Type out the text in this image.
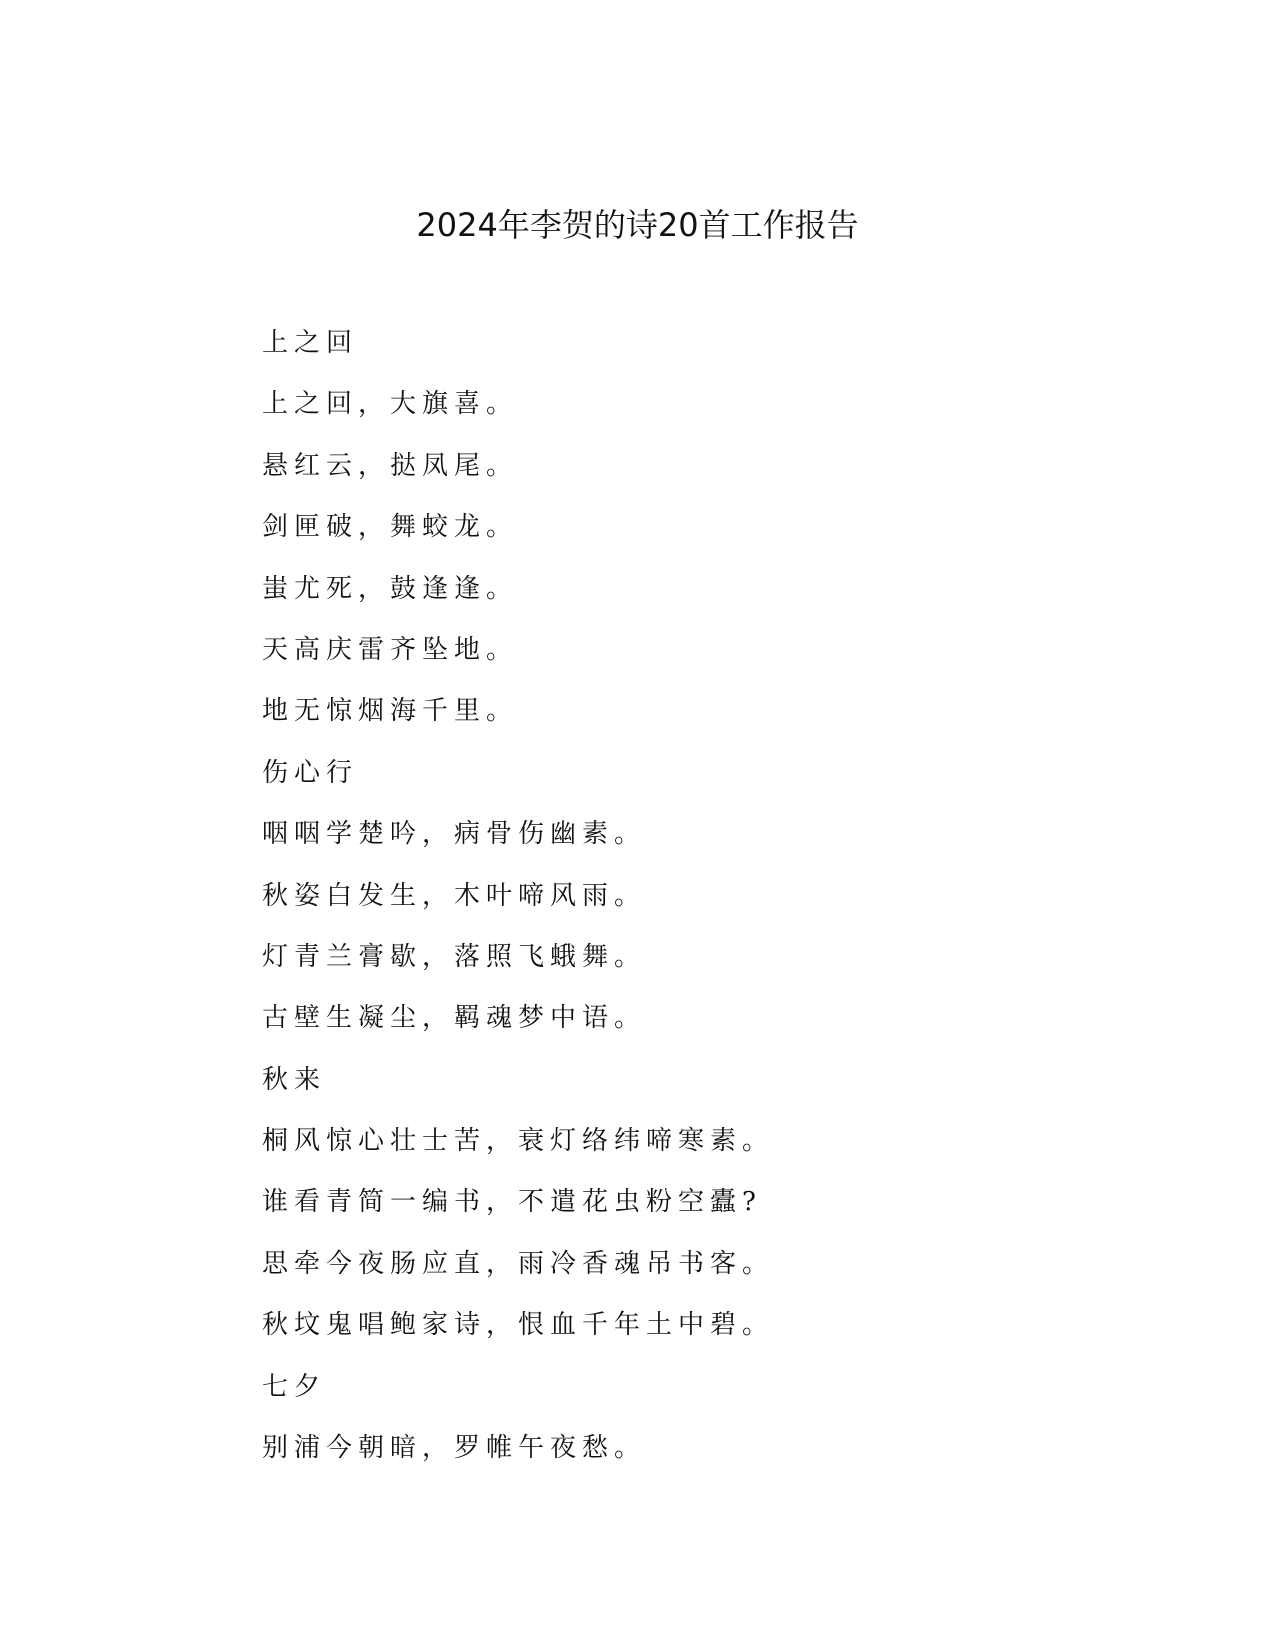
2024年李贺的诗20首工作报告
上之回
上之回，大旗喜。
悬红云，挞凤尾。
剑匣破，舞蛟龙。
蚩尤死，鼓逢逢。
天高庆雷齐坠地。
地无惊烟海千里。
伤心行
咽咽学楚吟，病骨伤幽素。
秋姿白发生，木叶啼风雨。
灯青兰膏歇，落照飞蛾舞。
古壁生凝尘，羁魂梦中语。
秋来
桐风惊心壮士苦，衰灯络纬啼寒素。
谁看青简一编书，不遣花虫粉空蠹?
思牵今夜肠应直，雨冷香魂吊书客。
秋坟鬼唱鲍家诗，恨血千年土中碧。
七夕
别浦今朝暗，罗帷午夜愁。
